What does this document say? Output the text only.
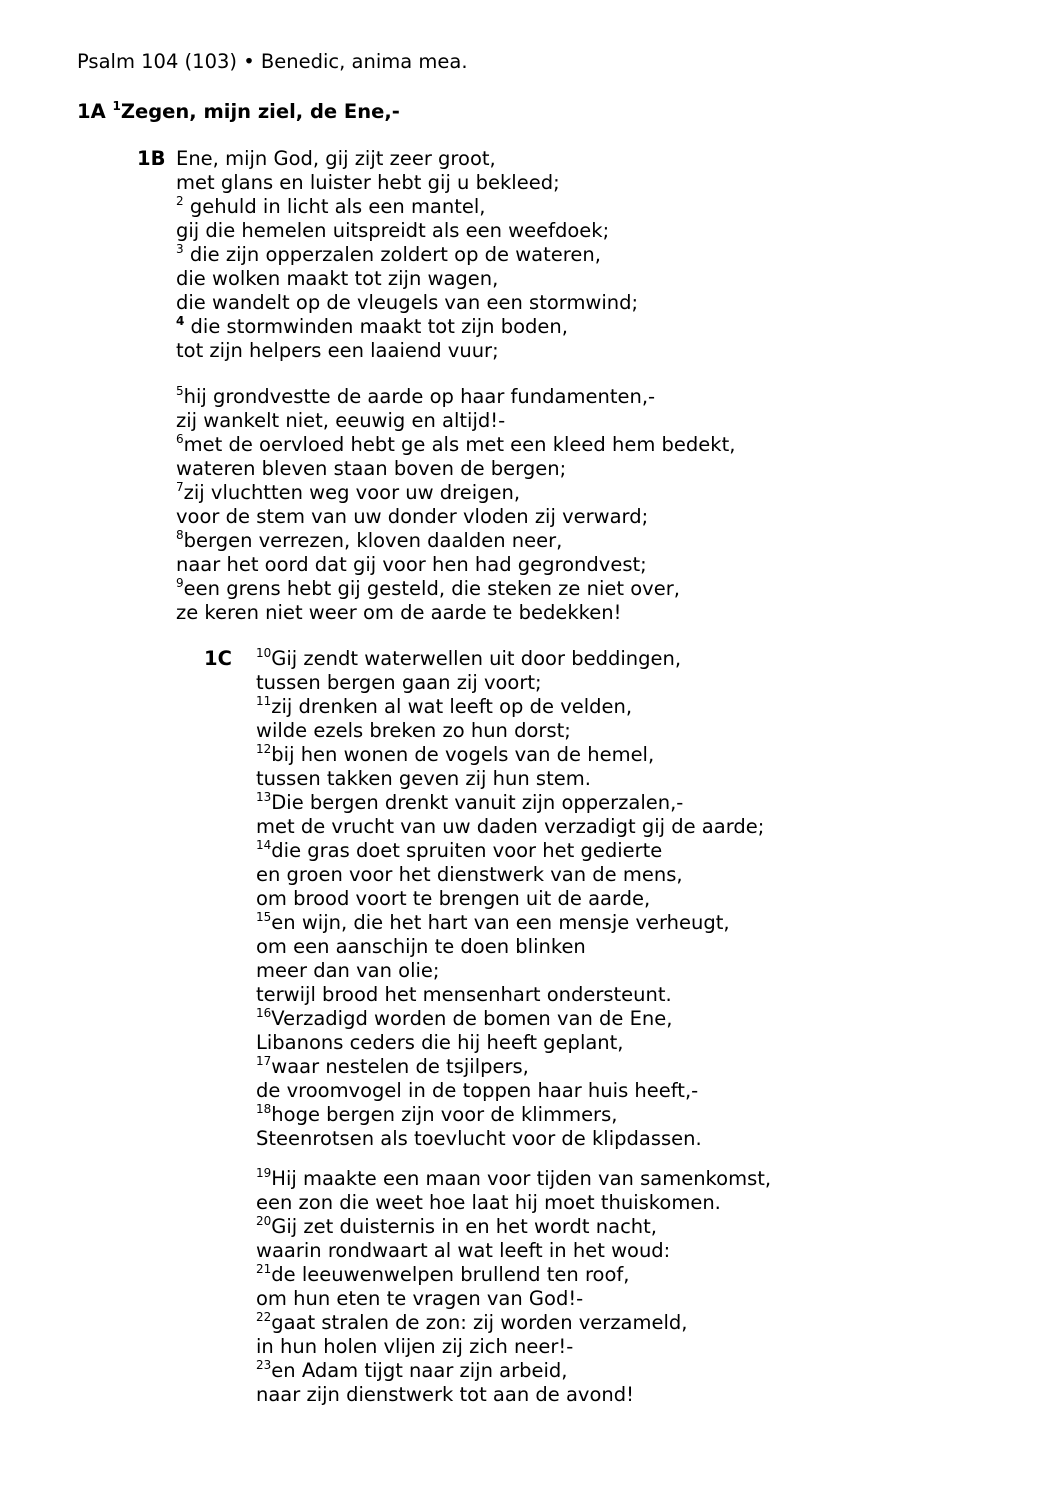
Psalm 104 (103) • Benedic, anima mea.
1A $^1$Zegen, mijn ziel, de Ene,-
1B Ene, mijn God, gij zijt zeer groot,
met glans en luister hebt gij u bekleed;
$^2$ gehuld in licht als een mantel,
gij die hemelen uitspreidt als een weefdoek;
$^3$ die zijn opperzalen zoldert op de wateren,
die wolken maakt tot zijn wagen,
die wandelt op de vleugels van een stormwind;
$^4$ die stormwinden maakt tot zijn boden,
tot zijn helpers een laaiend vuur;
$^5$hij grondvestte de aarde op haar fundamenten,-
zij wankelt niet, eeuwig en altijd!-
$^6$met de oervloed hebt ge als met een kleed hem bedekt,
wateren bleven staan boven de bergen;
$^7$zij vluchtten weg voor uw dreigen,
voor de stem van uw donder vloden zij verward;
$^8$bergen verrezen, kloven daalden neer,
naar het oord dat gij voor hen had gegrondvest;
$^9$een grens hebt gij gesteld, die steken ze niet over,
ze keren niet weer om de aarde te bedekken!
1C $^{10}$Gij zendt waterwellen uit door beddingen,
tussen bergen gaan zij voort;
$^{11}$zij drenken al wat leeft op de velden,
wilde ezels breken zo hun dorst;
$^{12}$bij hen wonen de vogels van de hemel,
tussen takken geven zij hun stem.
$^{13}$Die bergen drenkt vanuit zijn opperzalen,-
met de vrucht van uw daden verzadigt gij de aarde;
$^{14}$die gras doet spruiten voor het gedierte
en groen voor het dienstwerk van de mens,
om brood voort te brengen uit de aarde,
$^{15}$en wijn, die het hart van een mensje verheugt,
om een aanschijn te doen blinken
meer dan van olie;
terwijl brood het mensenhart ondersteunt.
$^{16}$Verzadigd worden de bomen van de Ene,
Libanons ceders die hij heeft geplant,
$^{17}$waar nestelen de tsjilpers,
de vroomvogel in de toppen haar huis heeft,-
$^{18}$hoge bergen zijn voor de klimmers,
Steenrotsen als toevlucht voor de klipdassen.
$^{19}$Hij maakte een maan voor tijden van samenkomst,
een zon die weet hoe laat hij moet thuiskomen.
$^{20}$Gij zet duisternis in en het wordt nacht,
waarin rondwaart al wat leeft in het woud:
$^{21}$de leeuwenwelpen brullend ten roof,
om hun eten te vragen van God!-
$^{22}$gaat stralen de zon: zij worden verzameld,
in hun holen vlijen zij zich neer!-
$^{23}$en Adam tijgt naar zijn arbeid,
naar zijn dienstwerk tot aan de avond!
